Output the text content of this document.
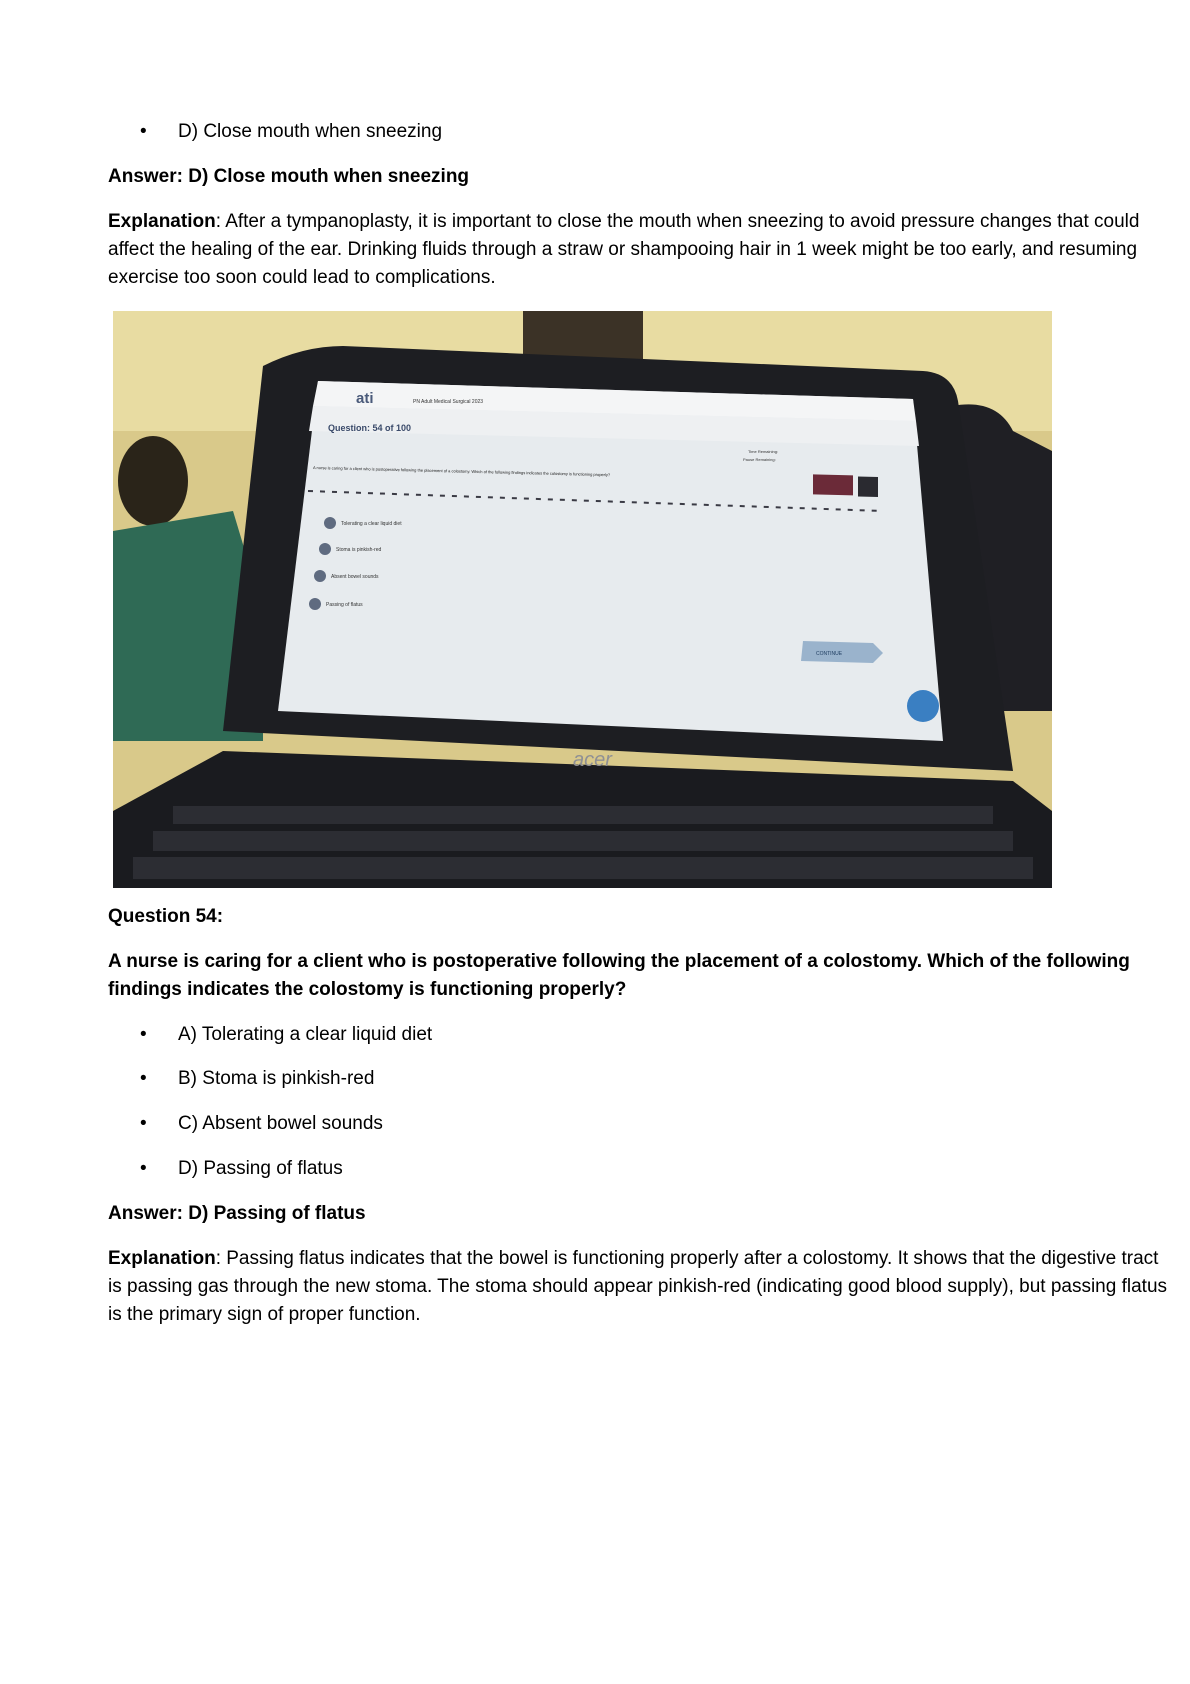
•	D) Close mouth when sneezing
Answer: D) Close mouth when sneezing
Explanation: After a tympanoplasty, it is important to close the mouth when sneezing to avoid pressure changes that could affect the healing of the ear. Drinking fluids through a straw or shampooing hair in 1 week might be too early, and resuming exercise too soon could lead to complications.
ati	PN Adult Medical Surgical 2023
Question: 54 of 100
Time Remaining:
Pause Remaining:
A nurse is caring for a client who is postoperative following the placement of a colostomy. Which of the following findings indicates the colostomy is functioning properly?
Tolerating a clear liquid diet
Stoma is pinkish-red
Absent bowel sounds
Passing of flatus
CONTINUE
acer
Question 54:
A nurse is caring for a client who is postoperative following the placement of a colostomy. Which of the following findings indicates the colostomy is functioning properly?
•	A) Tolerating a clear liquid diet
•	B) Stoma is pinkish-red
•	C) Absent bowel sounds
•	D) Passing of flatus
Answer: D) Passing of flatus
Explanation: Passing flatus indicates that the bowel is functioning properly after a colostomy. It shows that the digestive tract is passing gas through the new stoma. The stoma should appear pinkish-red (indicating good blood supply), but passing flatus is the primary sign of proper function.
